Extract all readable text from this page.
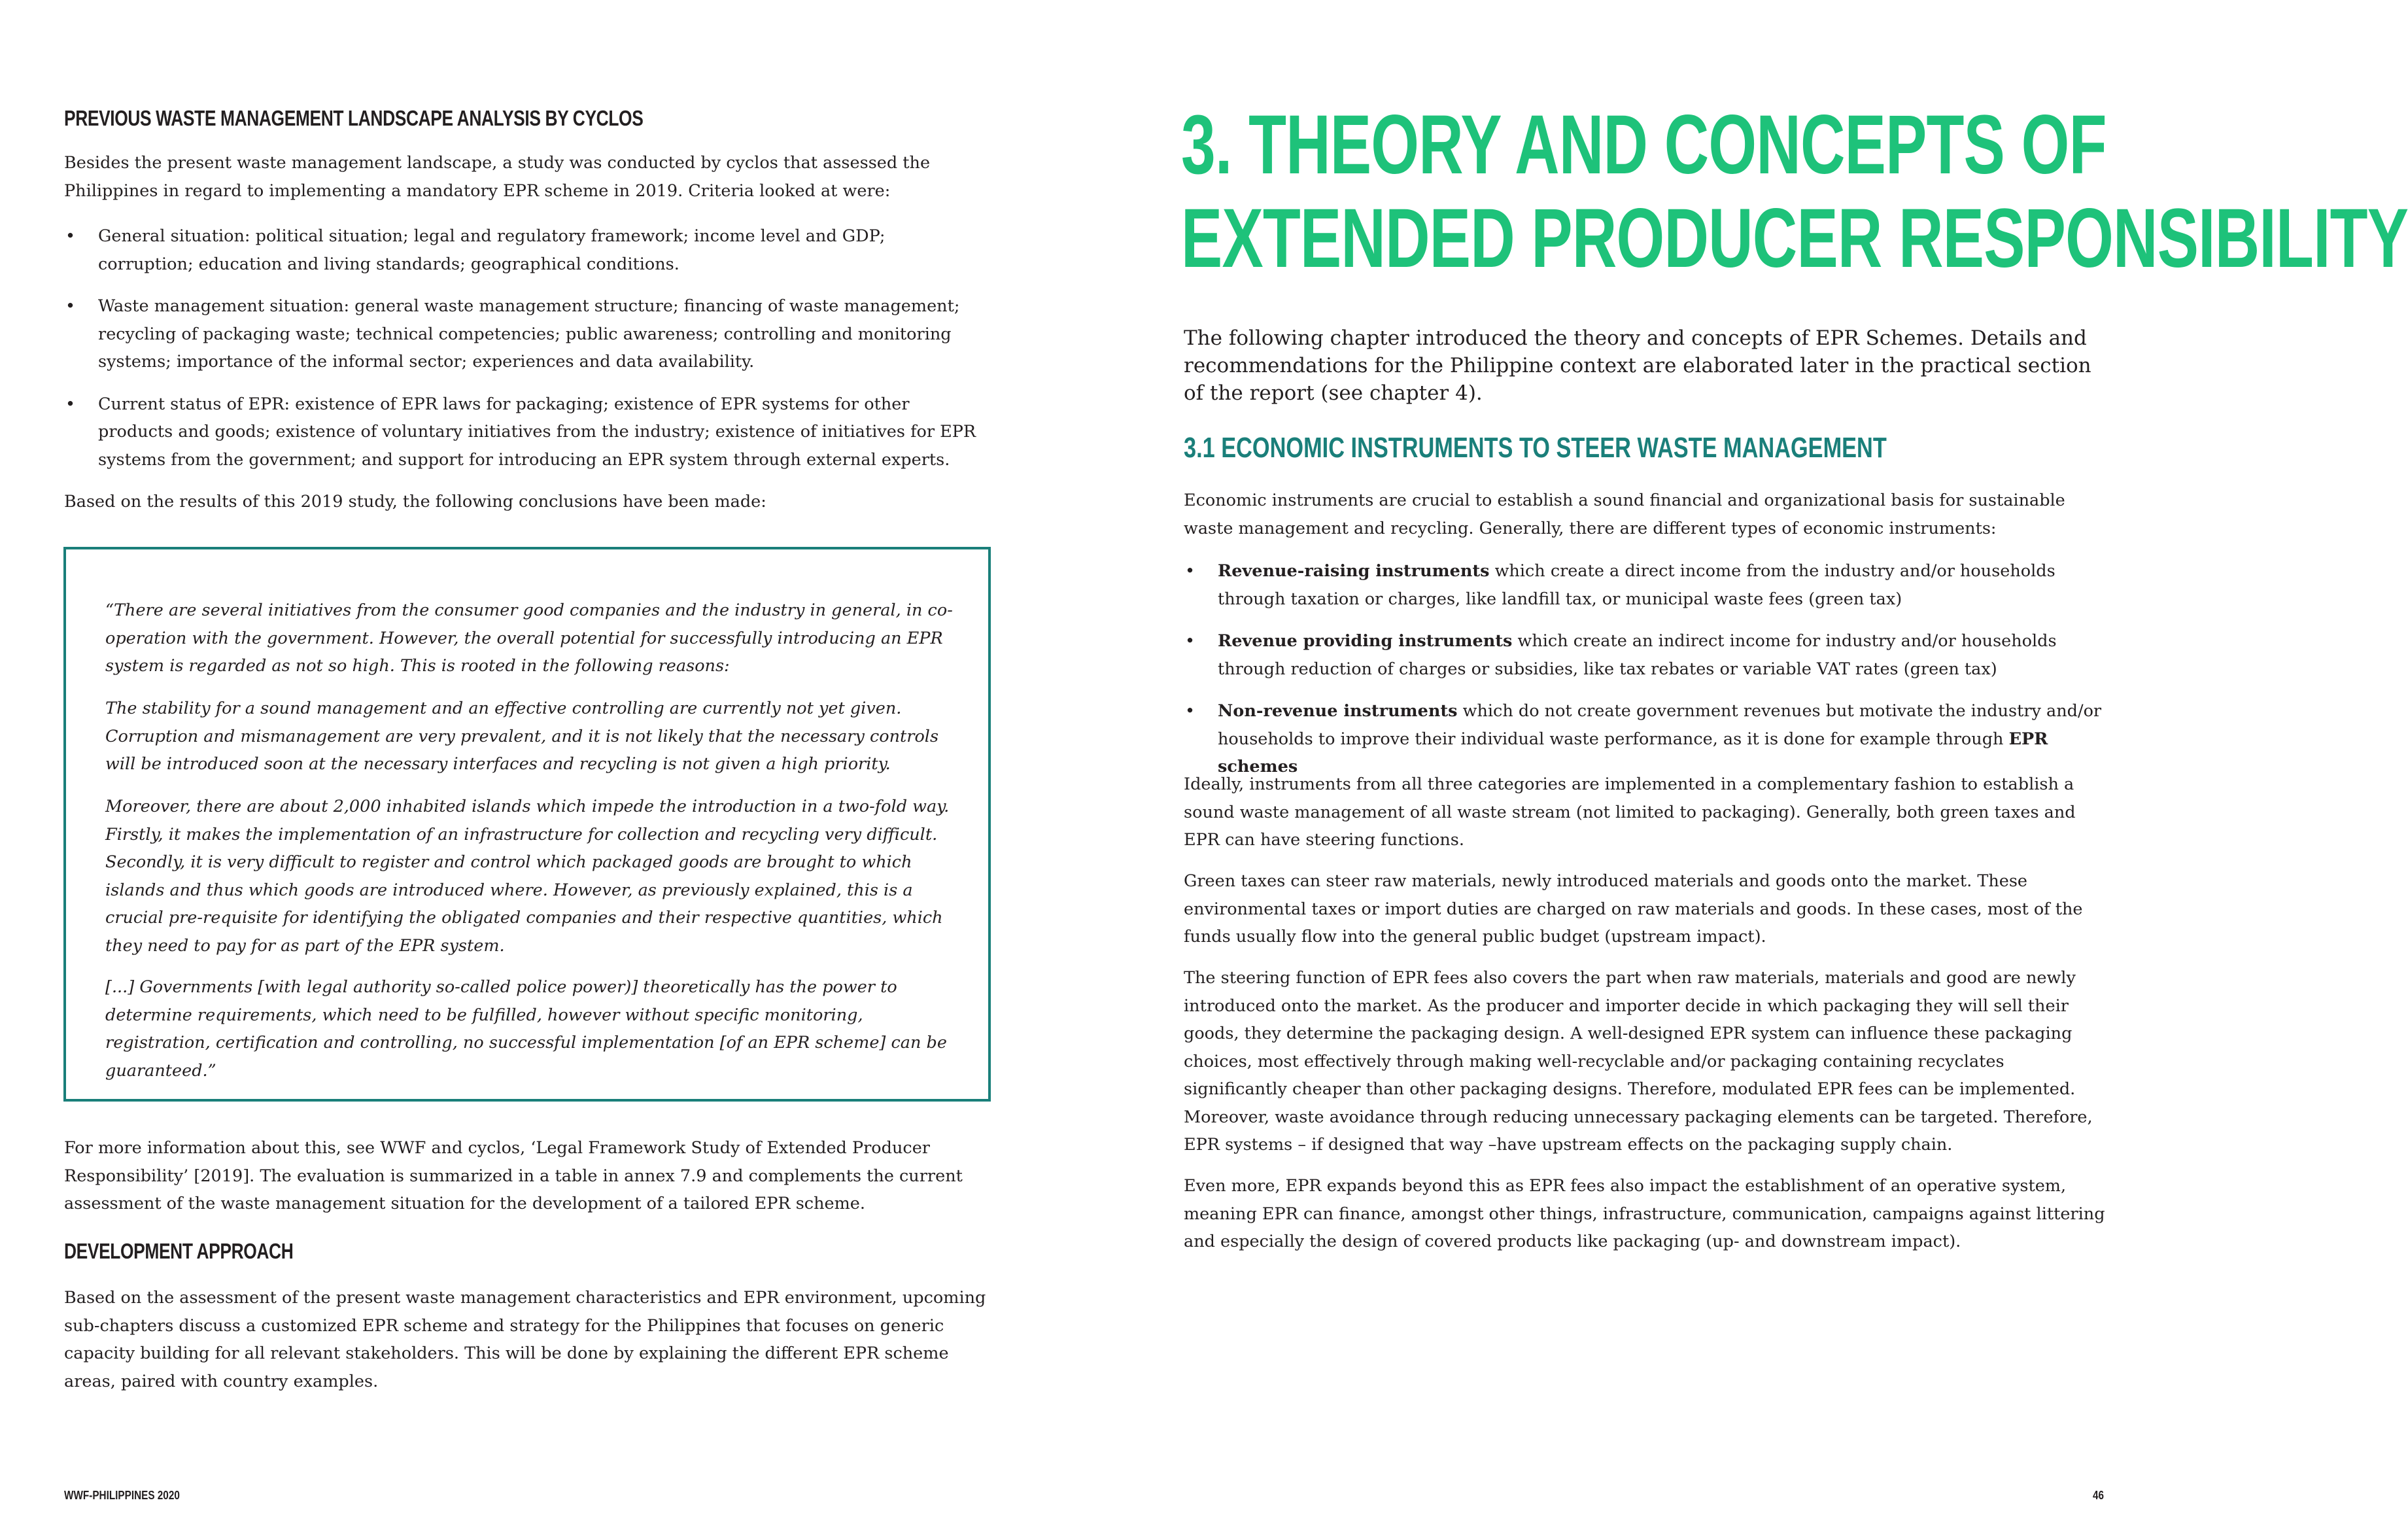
PREVIOUS WASTE MANAGEMENT LANDSCAPE ANALYSIS BY CYCLOS

Besides the present waste management landscape, a study was conducted by cyclos that assessed the Philippines in regard to implementing a mandatory EPR scheme in 2019. Criteria looked at were:

• General situation: political situation; legal and regulatory framework; income level and GDP; corruption; education and living standards; geographical conditions.
• Waste management situation: general waste management structure; financing of waste management; recycling of packaging waste; technical competencies; public awareness; controlling and monitoring systems; importance of the informal sector; experiences and data availability.
• Current status of EPR: existence of EPR laws for packaging; existence of EPR systems for other products and goods; existence of voluntary initiatives from the industry; existence of initiatives for EPR systems from the government; and support for introducing an EPR system through external experts.

Based on the results of this 2019 study, the following conclusions have been made:

“There are several initiatives from the consumer good companies and the industry in general, in co-operation with the government. However, the overall potential for successfully introducing an EPR system is regarded as not so high. This is rooted in the following reasons:

The stability for a sound management and an effective controlling are currently not yet given. Corruption and mismanagement are very prevalent, and it is not likely that the necessary controls will be introduced soon at the necessary interfaces and recycling is not given a high priority.

Moreover, there are about 2,000 inhabited islands which impede the introduction in a two-fold way. Firstly, it makes the implementation of an infrastructure for collection and recycling very difficult. Secondly, it is very difficult to register and control which packaged goods are brought to which islands and thus which goods are introduced where. However, as previously explained, this is a crucial pre-requisite for identifying the obligated companies and their respective quantities, which they need to pay for as part of the EPR system.

[...] Governments [with legal authority so-called police power)] theoretically has the power to determine requirements, which need to be fulfilled, however without specific monitoring, registration, certification and controlling, no successful implementation [of an EPR scheme] can be guaranteed.”

For more information about this, see WWF and cyclos, ‘Legal Framework Study of Extended Producer Responsibility’ [2019]. The evaluation is summarized in a table in annex 7.9 and complements the current assessment of the waste management situation for the development of a tailored EPR scheme.

DEVELOPMENT APPROACH

Based on the assessment of the present waste management characteristics and EPR environment, upcoming sub-chapters discuss a customized EPR scheme and strategy for the Philippines that focuses on generic capacity building for all relevant stakeholders. This will be done by explaining the different EPR scheme areas, paired with country examples.

3. THEORY AND CONCEPTS OF
EXTENDED PRODUCER RESPONSIBILITY

The following chapter introduced the theory and concepts of EPR Schemes. Details and recommendations for the Philippine context are elaborated later in the practical section of the report (see chapter 4).

3.1 ECONOMIC INSTRUMENTS TO STEER WASTE MANAGEMENT

Economic instruments are crucial to establish a sound financial and organizational basis for sustainable waste management and recycling. Generally, there are different types of economic instruments:

• Revenue-raising instruments which create a direct income from the industry and/or households through taxation or charges, like landfill tax, or municipal waste fees (green tax)
• Revenue providing instruments which create an indirect income for industry and/or households through reduction of charges or subsidies, like tax rebates or variable VAT rates (green tax)
• Non-revenue instruments which do not create government revenues but motivate the industry and/or households to improve their individual waste performance, as it is done for example through EPR schemes

Ideally, instruments from all three categories are implemented in a complementary fashion to establish a sound waste management of all waste stream (not limited to packaging). Generally, both green taxes and EPR can have steering functions.

Green taxes can steer raw materials, newly introduced materials and goods onto the market. These environmental taxes or import duties are charged on raw materials and goods. In these cases, most of the funds usually flow into the general public budget (upstream impact).

The steering function of EPR fees also covers the part when raw materials, materials and good are newly introduced onto the market. As the producer and importer decide in which packaging they will sell their goods, they determine the packaging design. A well-designed EPR system can influence these packaging choices, most effectively through making well-recyclable and/or packaging containing recyclates significantly cheaper than other packaging designs. Therefore, modulated EPR fees can be implemented. Moreover, waste avoidance through reducing unnecessary packaging elements can be targeted. Therefore, EPR systems – if designed that way –have upstream effects on the packaging supply chain.

Even more, EPR expands beyond this as EPR fees also impact the establishment of an operative system, meaning EPR can finance, amongst other things, infrastructure, communication, campaigns against littering and especially the design of covered products like packaging (up- and downstream impact).

WWF-PHILIPPINES 2020	46
